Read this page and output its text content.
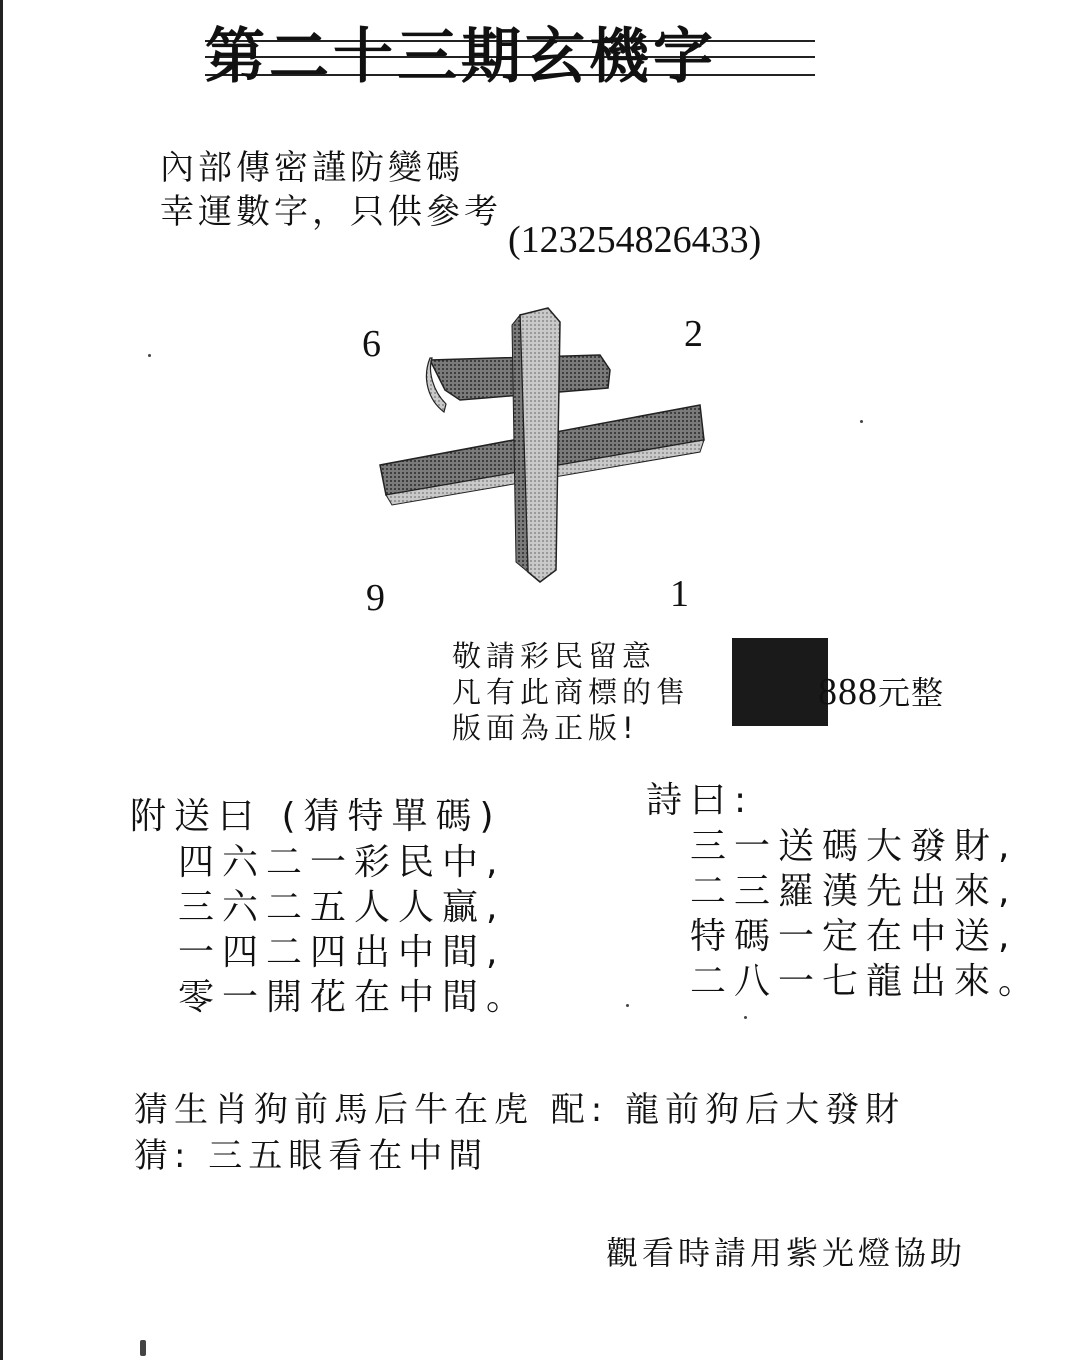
第二十三期玄機字
內部傳密謹防變碼
幸運數字，只供參考
(123254826433)
6	2
9	1
敬請彩民留意
凡有此商標的售
版面為正版!
888元整
附送曰 (猜特單碼)
四六二一彩民中,
三六二五人人贏,
一四二四出中間,
零一開花在中間。
詩曰:
三一送碼大發財,
二三羅漢先出來,
特碼一定在中送,
二八一七龍出來。
猜生肖狗前馬后牛在虎 配: 龍前狗后大發財
猜: 三五眼看在中間
觀看時請用紫光燈協助
